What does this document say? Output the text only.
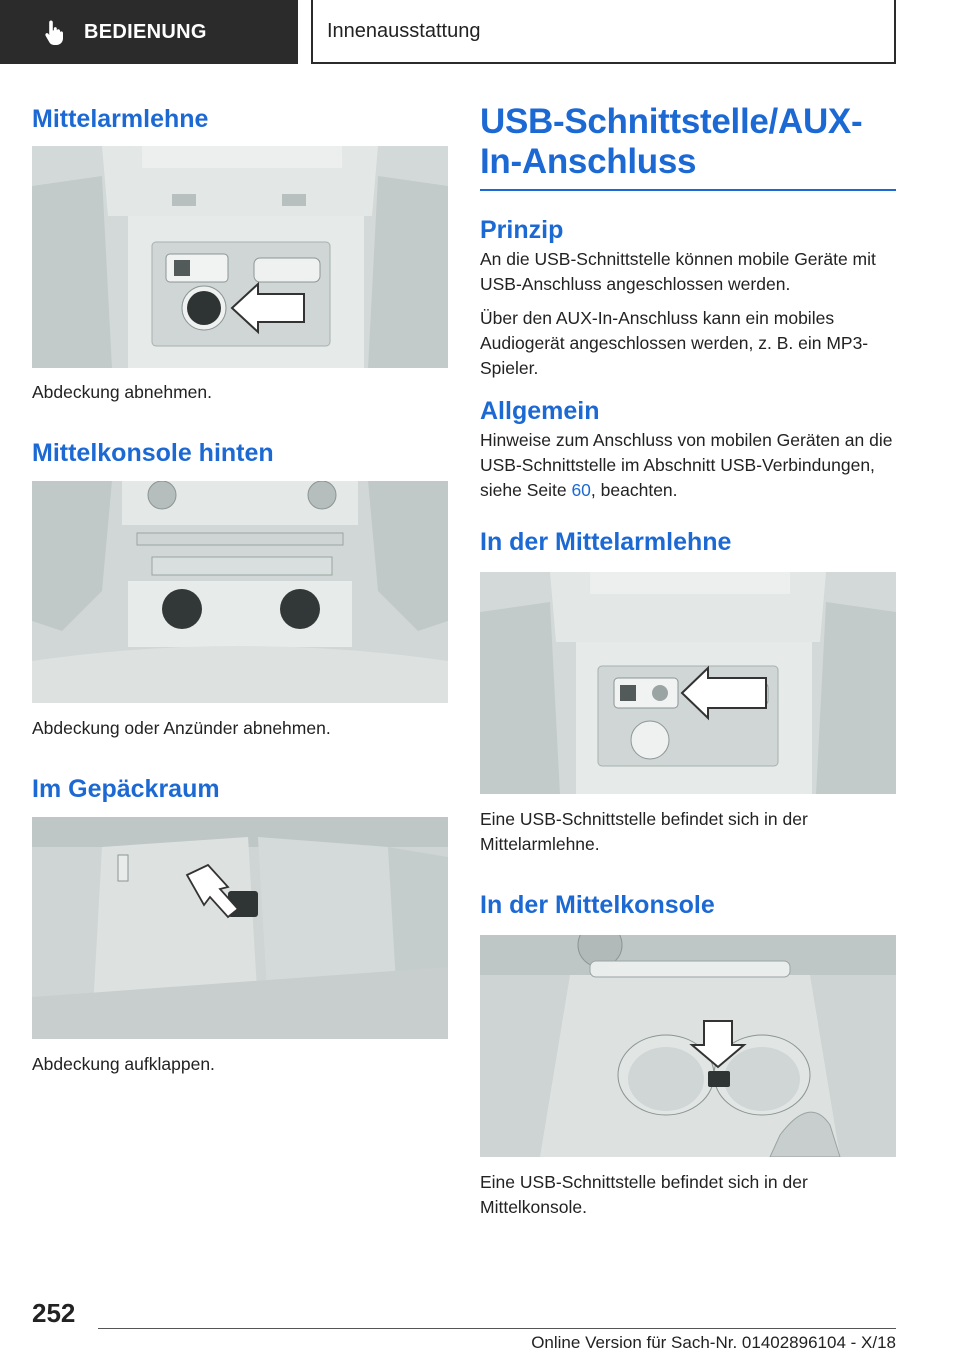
BEDIENUNG	Innenausstattung
Mittelarmlehne

Abdeckung abnehmen.

Mittelkonsole hinten

Abdeckung oder Anzünder abnehmen.

Im Gepäckraum

Abdeckung aufklappen.

USB-Schnittstelle/AUX-In-Anschluss
Prinzip

An die USB-Schnittstelle können mobile Geräte mit USB-Anschluss angeschlossen werden.

Über den AUX-In-Anschluss kann ein mobiles Audiogerät angeschlossen werden, z. B. ein MP3-Spieler.

Allgemein

Hinweise zum Anschluss von mobilen Geräten an die USB-Schnittstelle im Abschnitt USB-Verbindungen, siehe Seite 60, beachten.

In der Mittelarmlehne

Eine USB-Schnittstelle befindet sich in der Mittelarmlehne.

In der Mittelkonsole

Eine USB-Schnittstelle befindet sich in der Mittelkonsole.

252
Online Version für Sach-Nr. 01402896104 - X/18
